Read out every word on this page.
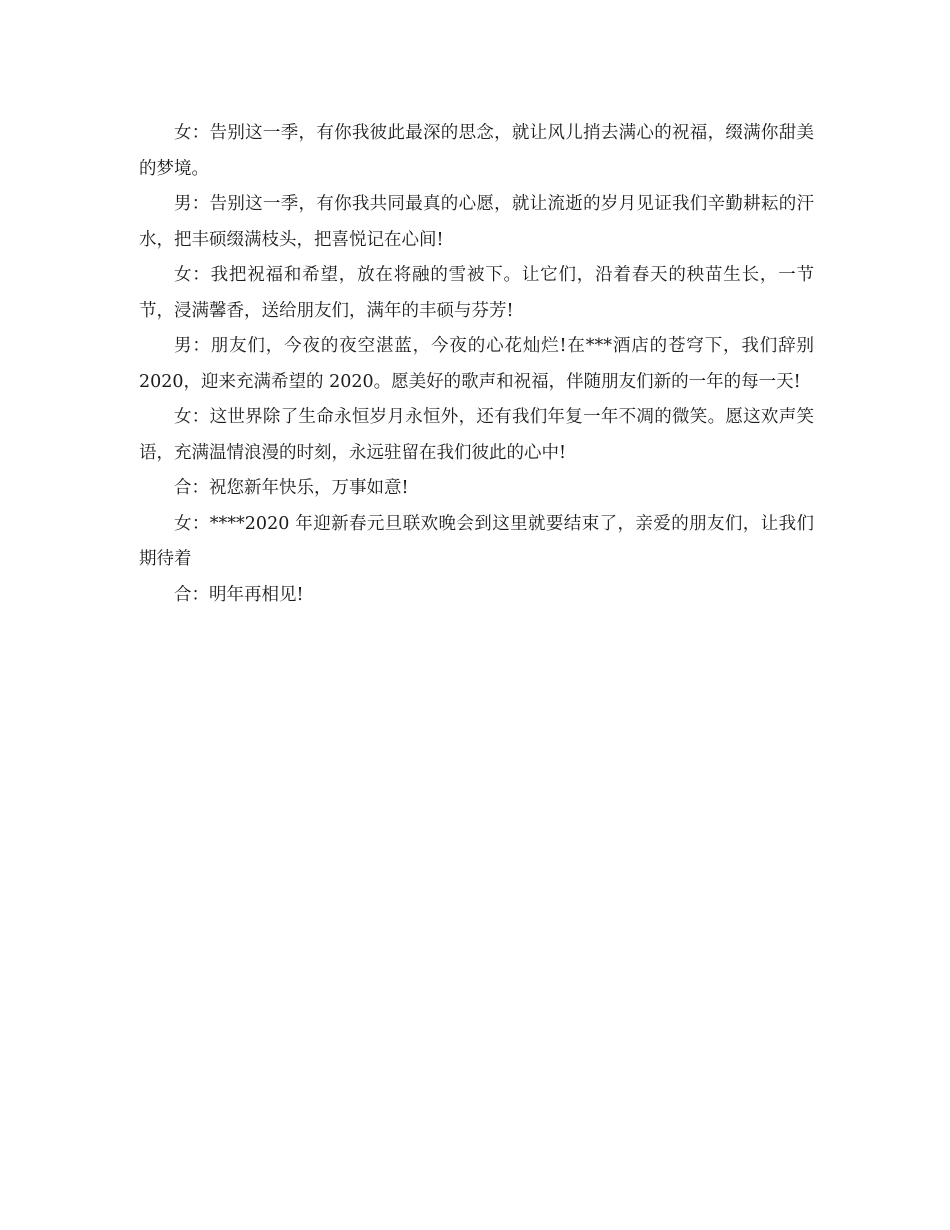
女：告别这一季，有你我彼此最深的思念，就让风儿捎去满心的祝福，缀满你甜美的梦境。

男：告别这一季，有你我共同最真的心愿，就让流逝的岁月见证我们辛勤耕耘的汗水，把丰硕缀满枝头，把喜悦记在心间!

女：我把祝福和希望，放在将融的雪被下。让它们，沿着春天的秧苗生长，一节节，浸满馨香，送给朋友们，满年的丰硕与芬芳!

男：朋友们，今夜的夜空湛蓝，今夜的心花灿烂!在***酒店的苍穹下，我们辞别 2020，迎来充满希望的 2020。愿美好的歌声和祝福，伴随朋友们新的一年的每一天!

女：这世界除了生命永恒岁月永恒外，还有我们年复一年不凋的微笑。愿这欢声笑语，充满温情浪漫的时刻，永远驻留在我们彼此的心中!

合：祝您新年快乐，万事如意!

女：****2020 年迎新春元旦联欢晚会到这里就要结束了，亲爱的朋友们，让我们期待着

合：明年再相见!
